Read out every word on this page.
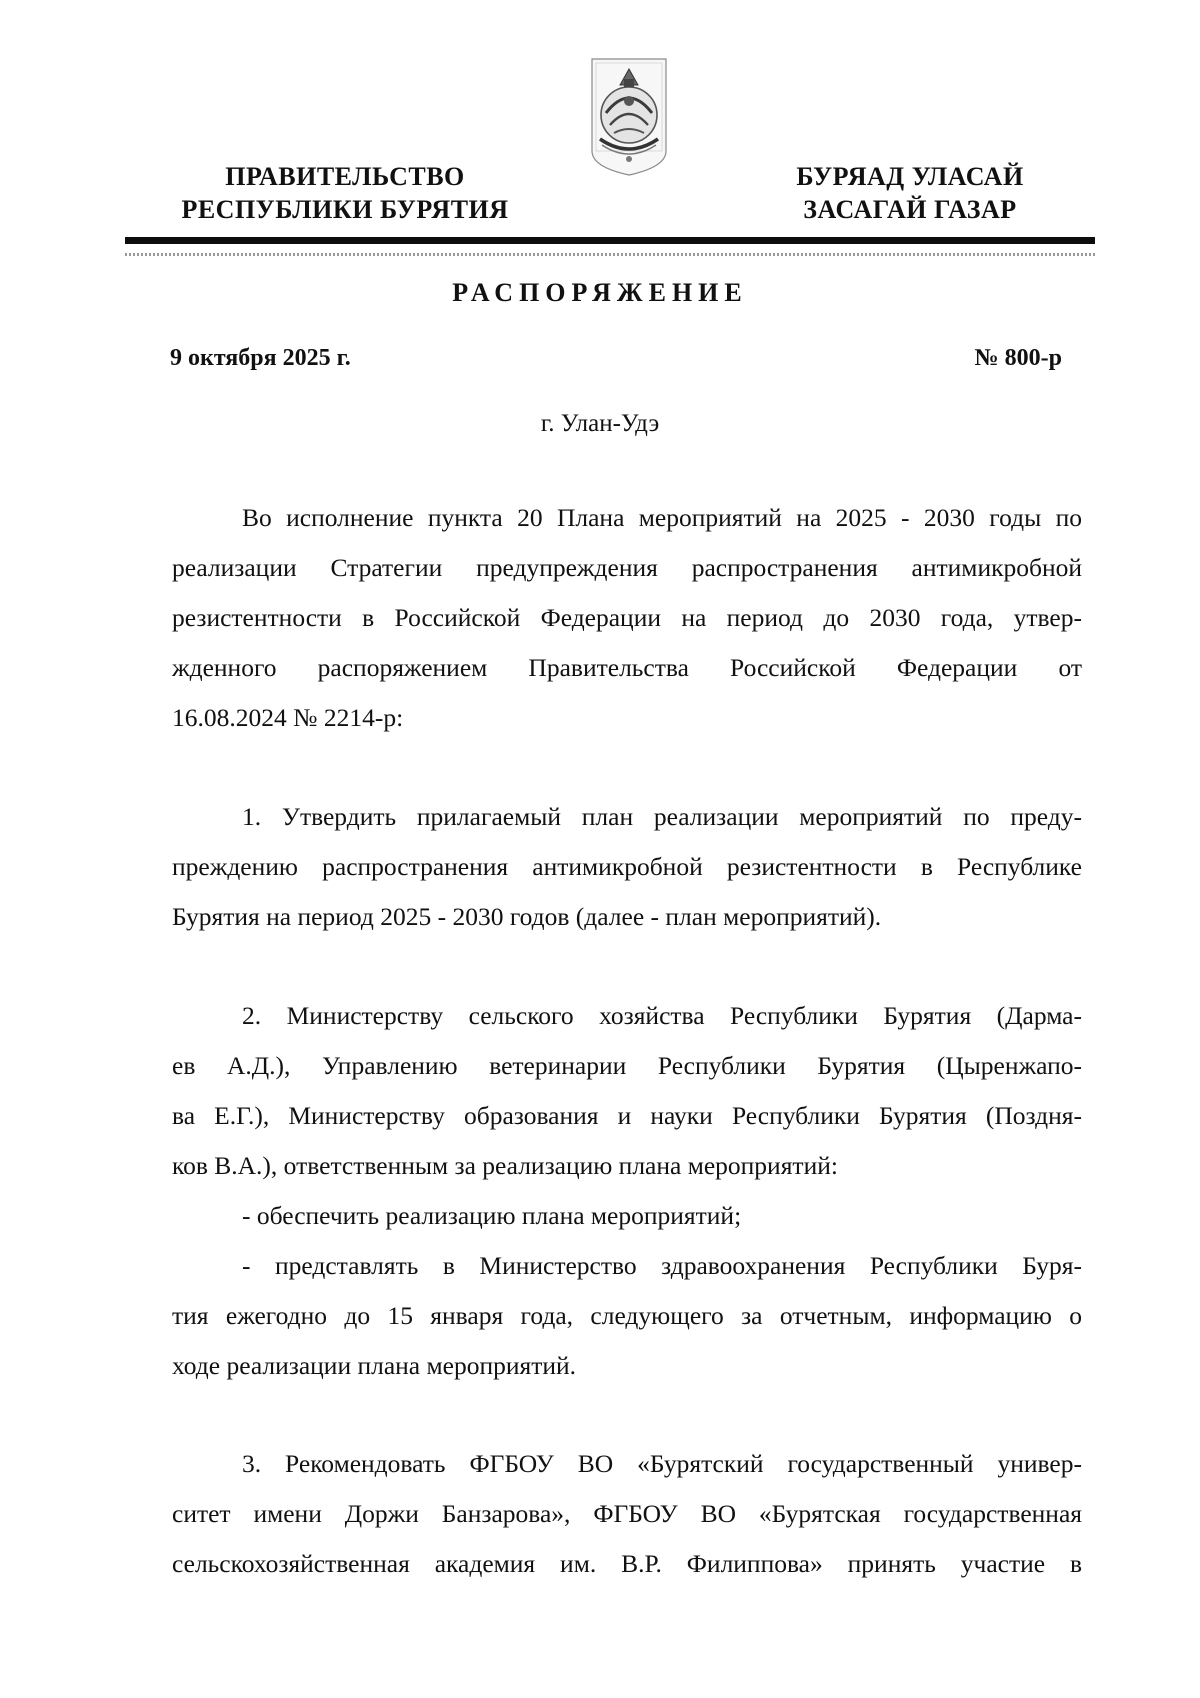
ПРАВИТЕЛЬСТВО
РЕСПУБЛИКИ БУРЯТИЯ
БУРЯАД УЛАСАЙ
ЗАСАГАЙ ГАЗАР
РАСПОРЯЖЕНИЕ
9 октября 2025 г.	№ 800-р
г. Улан-Удэ
Во исполнение пункта 20 Плана мероприятий на 2025 - 2030 годы по
реализации Стратегии предупреждения распространения антимикробной
резистентности в Российской Федерации на период до 2030 года, утвер-
жденного распоряжением Правительства Российской Федерации от
16.08.2024 № 2214-р:
1. Утвердить прилагаемый план реализации мероприятий по преду-
преждению распространения антимикробной резистентности в Республике
Бурятия на период 2025 - 2030 годов (далее - план мероприятий).
2. Министерству сельского хозяйства Республики Бурятия (Дарма-
ев А.Д.), Управлению ветеринарии Республики Бурятия (Цыренжапо-
ва Е.Г.), Министерству образования и науки Республики Бурятия (Поздня-
ков В.А.), ответственным за реализацию плана мероприятий:
- обеспечить реализацию плана мероприятий;
- представлять в Министерство здравоохранения Республики Буря-
тия ежегодно до 15 января года, следующего за отчетным, информацию о
ходе реализации плана мероприятий.
3. Рекомендовать ФГБОУ ВО «Бурятский государственный универ-
ситет имени Доржи Банзарова», ФГБОУ ВО «Бурятская государственная
сельскохозяйственная академия им. В.Р. Филиппова» принять участие в
